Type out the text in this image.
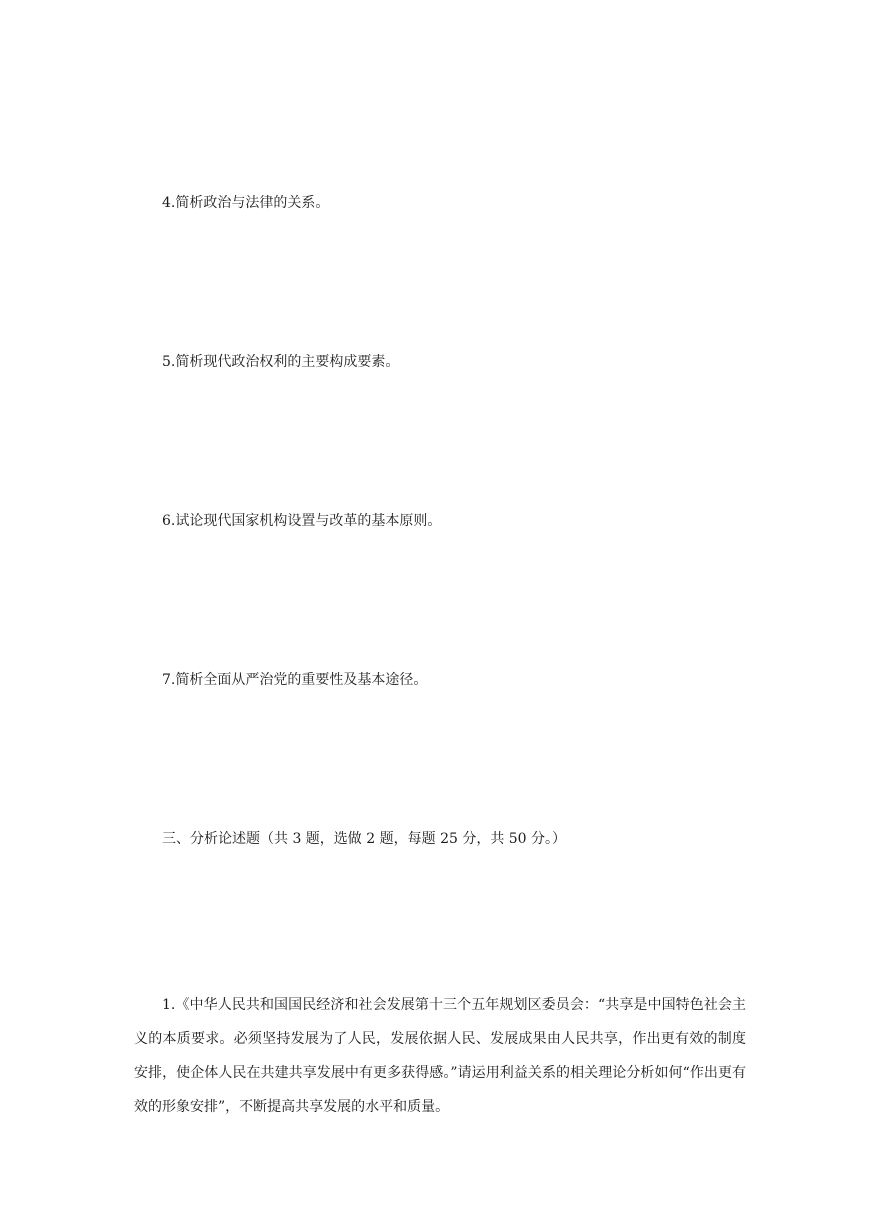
4.简析政治与法律的关系。
5.简析现代政治权利的主要构成要素。
6.试论现代国家机构设置与改革的基本原则。
7.简析全面从严治党的重要性及基本途径。
三、分析论述题（共 3 题，选做 2 题，每题 25 分，共 50 分。）

1.《中华人民共和国国民经济和社会发展第十三个五年规划区委员会：“共享是中国特色社会主义的本质要求。必须坚持发展为了人民，发展依据人民、发展成果由人民共享，作出更有效的制度安排，使企体人民在共建共享发展中有更多获得感。”请运用利益关系的相关理论分析如何“作出更有效的形象安排”，不断提高共享发展的水平和质量。
